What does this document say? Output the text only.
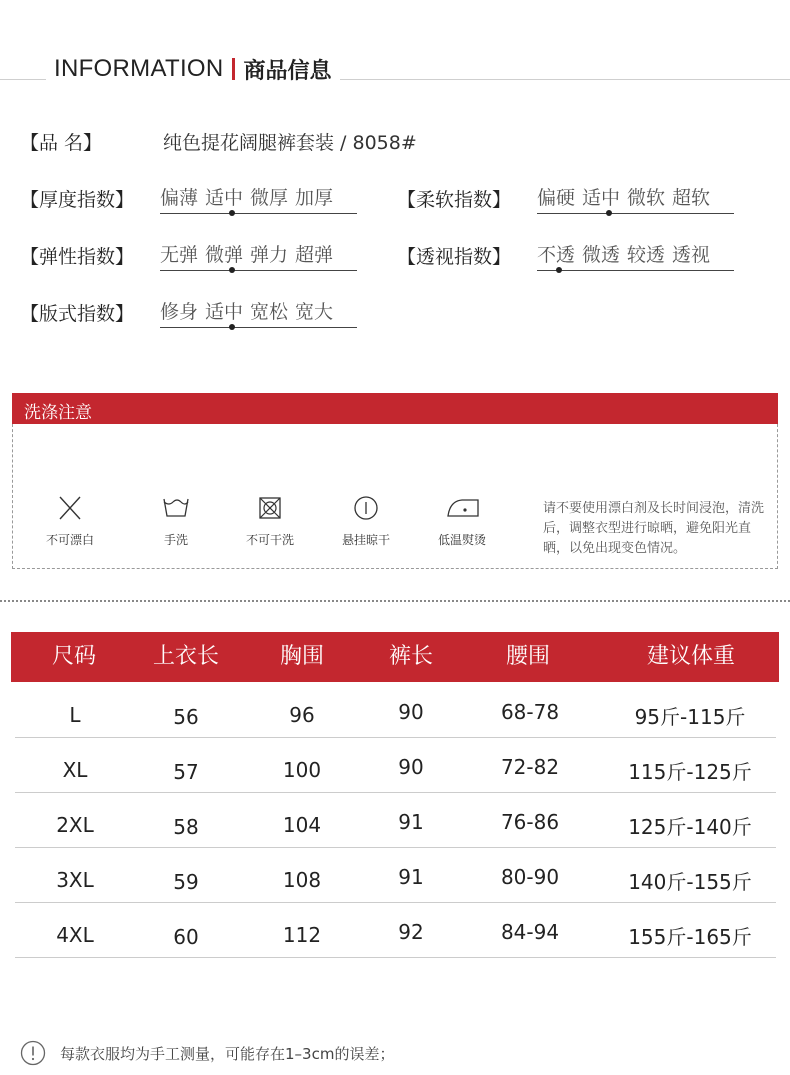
INFORMATION 商品信息
【品 名】	纯色提花阔腿裤套装 / 8058#
【厚度指数】 偏薄 适中 微厚 加厚	【柔软指数】 偏硬 适中 微软 超软
【弹性指数】 无弹 微弹 弹力 超弹	【透视指数】 不透 微透 较透 透视
【版式指数】 修身 适中 宽松 宽大
洗涤注意
不可漂白	手洗	不可干洗	悬挂晾干	低温熨烫
请不要使用漂白剂及长时间浸泡，清洗后，调整衣型进行晾晒，避免阳光直晒，以免出现变色情况。
尺码	上衣长	胸围	裤长	腰围	建议体重
L	56	96	90	68-78	95斤-115斤
XL	57	100	90	72-82	115斤-125斤
2XL	58	104	91	76-86	125斤-140斤
3XL	59	108	91	80-90	140斤-155斤
4XL	60	112	92	84-94	155斤-165斤
每款衣服均为手工测量，可能存在1–3cm的误差；
